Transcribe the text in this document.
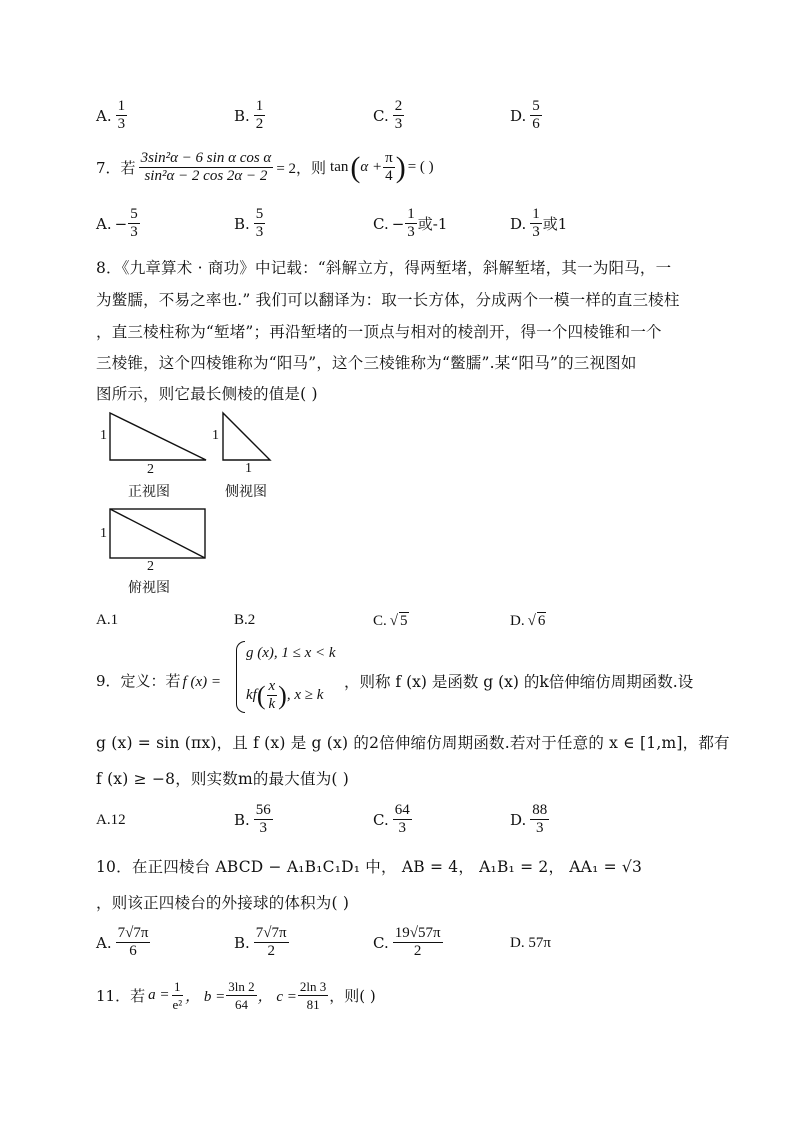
A. $\frac{1}{3}$	B. $\frac{1}{2}$	C. $\frac{2}{3}$	D. $\frac{5}{6}$
7． 若 $\frac{\text{3sin²α − 6 sin α cos α}}{\text{sin²α − 2 cos 2α − 2}} = 2$，则 tan ( $\alpha + \frac{\pi}{4}$ ) = ( )
A. − $\frac{5}{3}$	B. $\frac{5}{3}$	C. − $\frac{1}{3}$ 或-1	D. $\frac{1}{3}$ 或1
8．《九章算术 · 商功》中记载：“斜解立方，得两堑堵，斜解堑堵，其一为阳马，一
为鳖臑，不易之率也.” 我们可以翻译为：取一长方体，分成两个一模一样的直三棱柱
，直三棱柱称为“堑堵”；再沿堑堵的一顶点与相对的棱剖开，得一个四棱锥和一个
三棱锥，这个四棱锥称为“阳马”，这个三棱锥称为“鳖臑”.某“阳马”的三视图如
图所示，则它最长侧棱的值是( )
1
2
正视图
1
1
侧视图
1
2
俯视图
A.1	B.2	C. √ 5	D. √ 6
9．定义：若 f (x) =
g (x), 1 ≤ x < k
kf ( $\frac{x}{k}$ ) , x ≥ k
，则称 f (x) 是函数 g (x) 的k倍伸缩仿周期函数.设
g (x) = sin (πx)，且 f (x) 是 g (x) 的2倍伸缩仿周期函数.若对于任意的 x ∈ [1,m]，都有
f (x) ≥ −8，则实数m的最大值为( )
A.12	B. $\frac{56}{3}$	C. $\frac{64}{3}$	D. $\frac{88}{3}$
10．在正四棱台 ABCD − A₁B₁C₁D₁ 中， AB = 4， A₁B₁ = 2， AA₁ = √3
，则该正四棱台的外接球的体积为( )
A. $\frac{7√7\pi}{6}$	B. $\frac{7√7\pi}{2}$	C. $\frac{19√57\pi}{2}$	D. 57π
11．若 $a = \frac{1}{\text{e²}}$ ， $b = \frac{3\ln 2}{64}$ ， $c = \frac{2\ln 3}{81}$ ，则( )
